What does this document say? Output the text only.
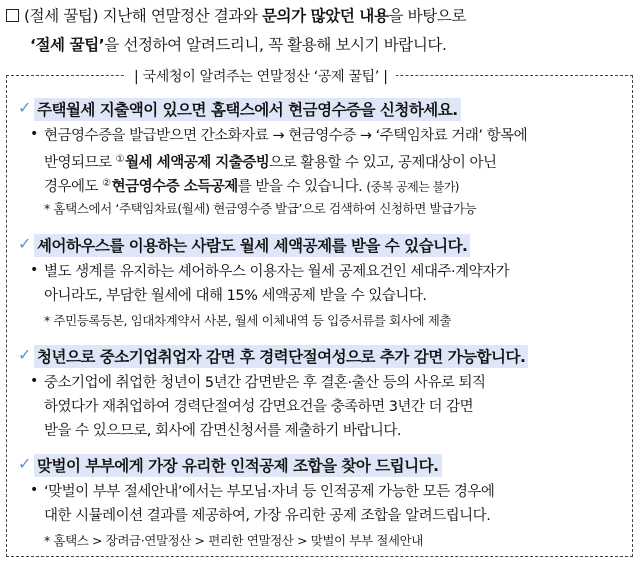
(절세 꿀팁) 지난해 연말정산 결과와 문의가 많았던 내용을 바탕으로
‘절세 꿀팁’을 선정하여 알려드리니, 꼭 활용해 보시기 바랍니다.
| 국세청이 알려주는 연말정산 ‘공제 꿀팁’ |
✓ 주택월세 지출액이 있으면 홈택스에서 현금영수증을 신청하세요.
• 현금영수증을 발급받으면 간소화자료 → 현금영수증 → ‘주택임차료 거래’ 항목에
반영되므로 ①월세 세액공제 지출증빙으로 활용할 수 있고, 공제대상이 아닌
경우에도 ②현금영수증 소득공제를 받을 수 있습니다. (중복 공제는 불가)
* 홈택스에서 ‘주택임차료(월세) 현금영수증 발급’으로 검색하여 신청하면 발급가능
✓ 셰어하우스를 이용하는 사람도 월세 세액공제를 받을 수 있습니다.
• 별도 생계를 유지하는 셰어하우스 이용자는 월세 공제요건인 세대주·계약자가
아니라도, 부담한 월세에 대해 15% 세액공제 받을 수 있습니다.
* 주민등록등본, 임대차계약서 사본, 월세 이체내역 등 입증서류를 회사에 제출
✓ 청년으로 중소기업취업자 감면 후 경력단절여성으로 추가 감면 가능합니다.
• 중소기업에 취업한 청년이 5년간 감면받은 후 결혼·출산 등의 사유로 퇴직
하였다가 재취업하여 경력단절여성 감면요건을 충족하면 3년간 더 감면
받을 수 있으므로, 회사에 감면신청서를 제출하기 바랍니다.
✓ 맞벌이 부부에게 가장 유리한 인적공제 조합을 찾아 드립니다.
• ‘맞벌이 부부 절세안내’에서는 부모님·자녀 등 인적공제 가능한 모든 경우에
대한 시뮬레이션 결과를 제공하여, 가장 유리한 공제 조합을 알려드립니다.
* 홈택스 > 장려금·연말정산 > 편리한 연말정산 > 맞벌이 부부 절세안내
